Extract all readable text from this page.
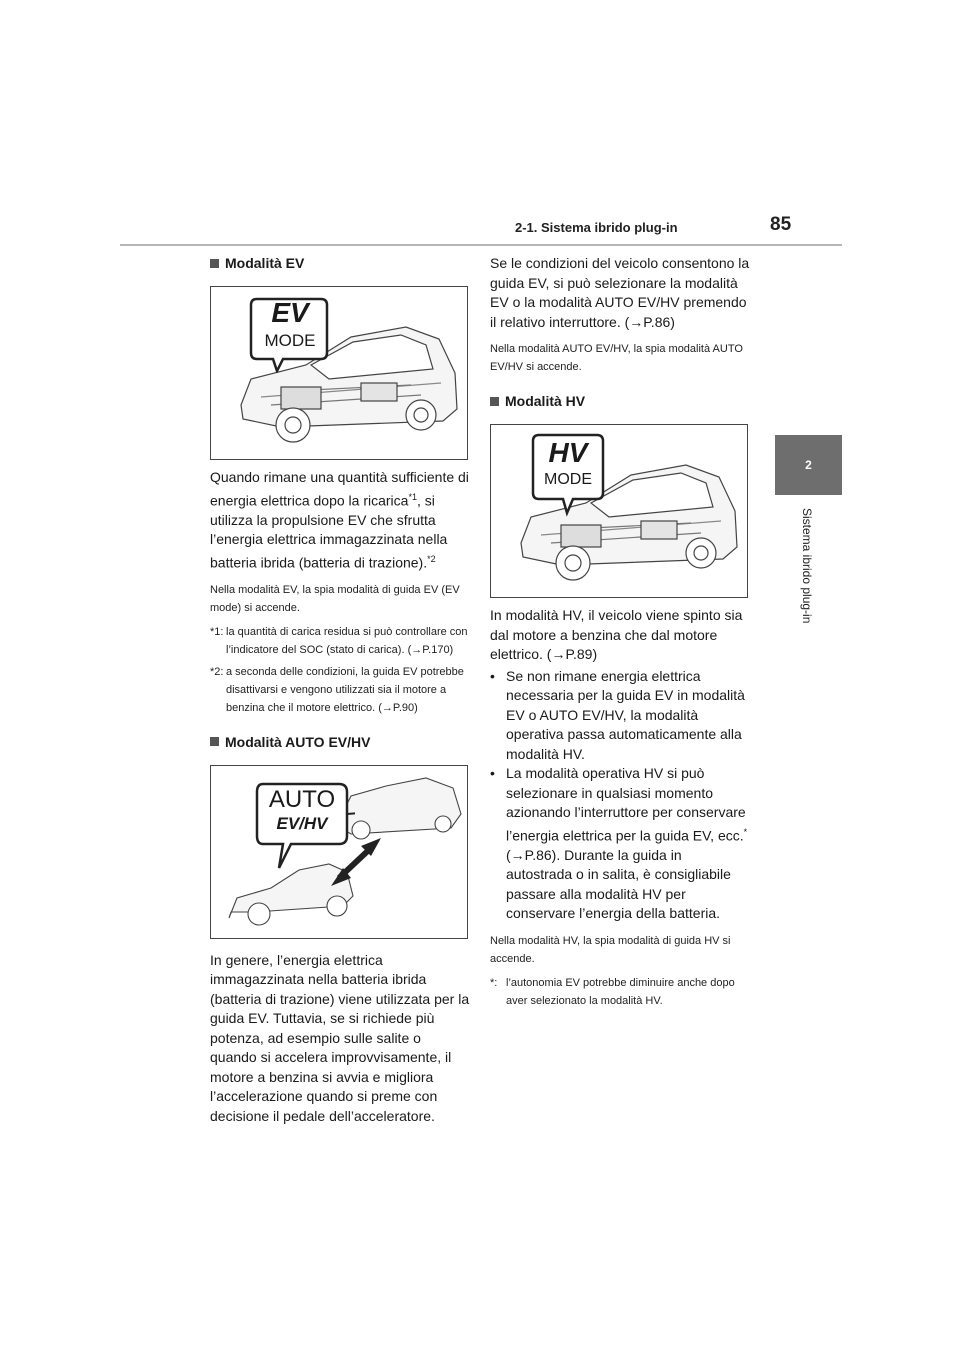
2-1. Sistema ibrido plug-in	85
2
Sistema ibrido plug-in
Modalità EV
EV
MODE

Quando rimane una quantità sufficiente di energia elettrica dopo la ricarica$^{*1}$, si utilizza la propulsione EV che sfrutta l’energia elettrica immagazzinata nella batteria ibrida (batteria di trazione).$^{*2}$

Nella modalità EV, la spia modalità di guida EV (EV mode) si accende.

*1: la quantità di carica residua si può controllare con l’indicatore del SOC (stato di carica). (→P.170)
*2: a seconda delle condizioni, la guida EV potrebbe disattivarsi e vengono utilizzati sia il motore a benzina che il motore elettrico. (→P.90)
Modalità AUTO EV/HV
AUTO
EV/HV

In genere, l’energia elettrica immagazzinata nella batteria ibrida (batteria di trazione) viene utilizzata per la guida EV. Tuttavia, se si richiede più potenza, ad esempio sulle salite o quando si accelera improvvisamente, il motore a benzina si avvia e migliora l’accelerazione quando si preme con decisione il pedale dell’acceleratore.

Se le condizioni del veicolo consentono la guida EV, si può selezionare la modalità EV o la modalità AUTO EV/HV premendo il relativo interruttore. (→P.86)

Nella modalità AUTO EV/HV, la spia modalità AUTO EV/HV si accende.

Modalità HV
HV
MODE

In modalità HV, il veicolo viene spinto sia dal motore a benzina che dal motore elettrico. (→P.89)

• Se non rimane energia elettrica necessaria per la guida EV in modalità EV o AUTO EV/HV, la modalità operativa passa automaticamente alla modalità HV.
• La modalità operativa HV si può selezionare in qualsiasi momento azionando l’interruttore per conservare l’energia elettrica per la guida EV, ecc.* (→P.86). Durante la guida in autostrada o in salita, è consigliabile passare alla modalità HV per conservare l’energia della batteria.

Nella modalità HV, la spia modalità di guida HV si accende.

*: l’autonomia EV potrebbe diminuire anche dopo aver selezionato la modalità HV.
